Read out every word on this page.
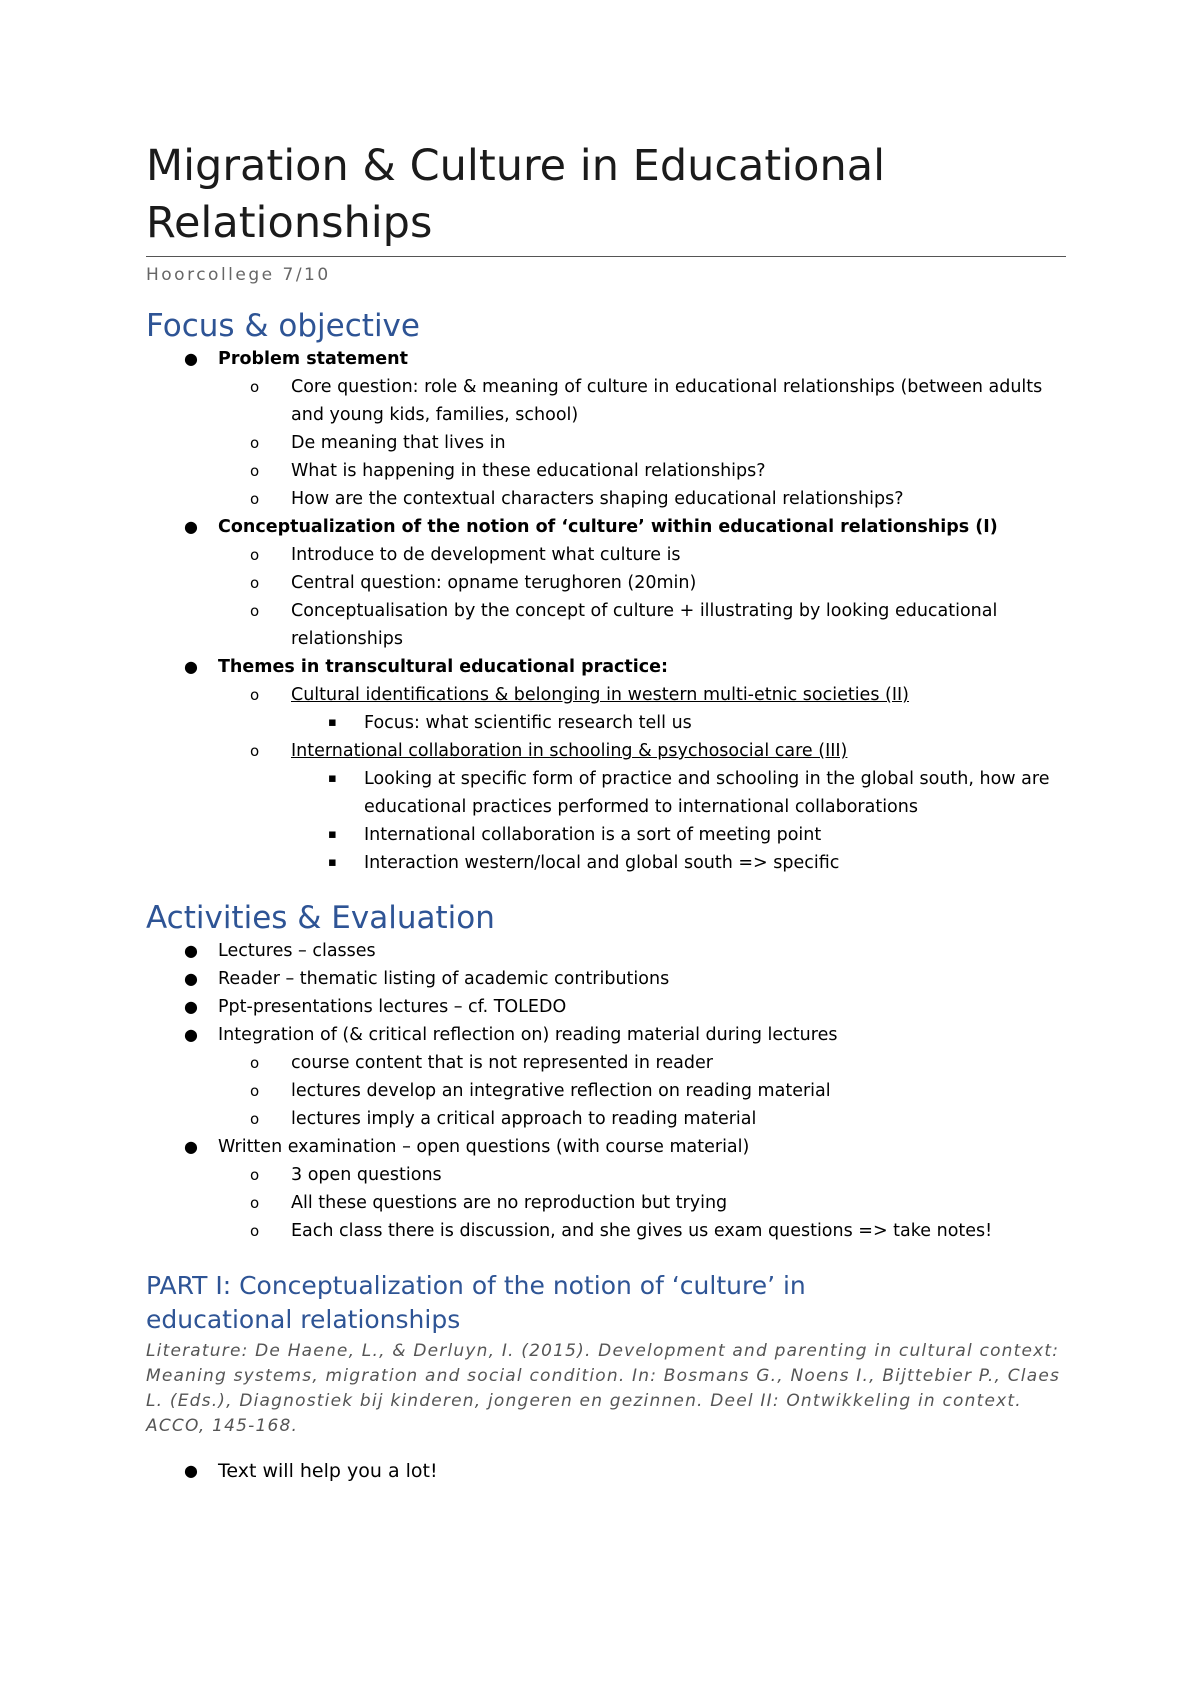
Migration & Culture in Educational Relationships
Hoorcollege 7/10
Focus & objective
● Problem statement
o Core question: role & meaning of culture in educational relationships (between adults and young kids, families, school)
o De meaning that lives in
o What is happening in these educational relationships?
o How are the contextual characters shaping educational relationships?
● Conceptualization of the notion of ‘culture’ within educational relationships (I)
o Introduce to de development what culture is
o Central question: opname terughoren (20min)
o Conceptualisation by the concept of culture + illustrating by looking educational relationships
● Themes in transcultural educational practice:
o Cultural identifications & belonging in western multi-etnic societies (II)
▪ Focus: what scientific research tell us
o International collaboration in schooling & psychosocial care (III)
▪ Looking at specific form of practice and schooling in the global south, how are educational practices performed to international collaborations
▪ International collaboration is a sort of meeting point
▪ Interaction western/local and global south => specific
Activities & Evaluation
● Lectures – classes
● Reader – thematic listing of academic contributions
● Ppt-presentations lectures – cf. TOLEDO
● Integration of (& critical reflection on) reading material during lectures
o course content that is not represented in reader
o lectures develop an integrative reflection on reading material
o lectures imply a critical approach to reading material
● Written examination – open questions (with course material)
o 3 open questions
o All these questions are no reproduction but trying
o Each class there is discussion, and she gives us exam questions => take notes!
PART I: Conceptualization of the notion of ‘culture’ in educational relationships
Literature: De Haene, L., & Derluyn, I. (2015). Development and parenting in cultural context: Meaning systems, migration and social condition. In: Bosmans G., Noens I., Bijttebier P., Claes L. (Eds.), Diagnostiek bij kinderen, jongeren en gezinnen. Deel II: Ontwikkeling in context. ACCO, 145-168.
● Text will help you a lot!
